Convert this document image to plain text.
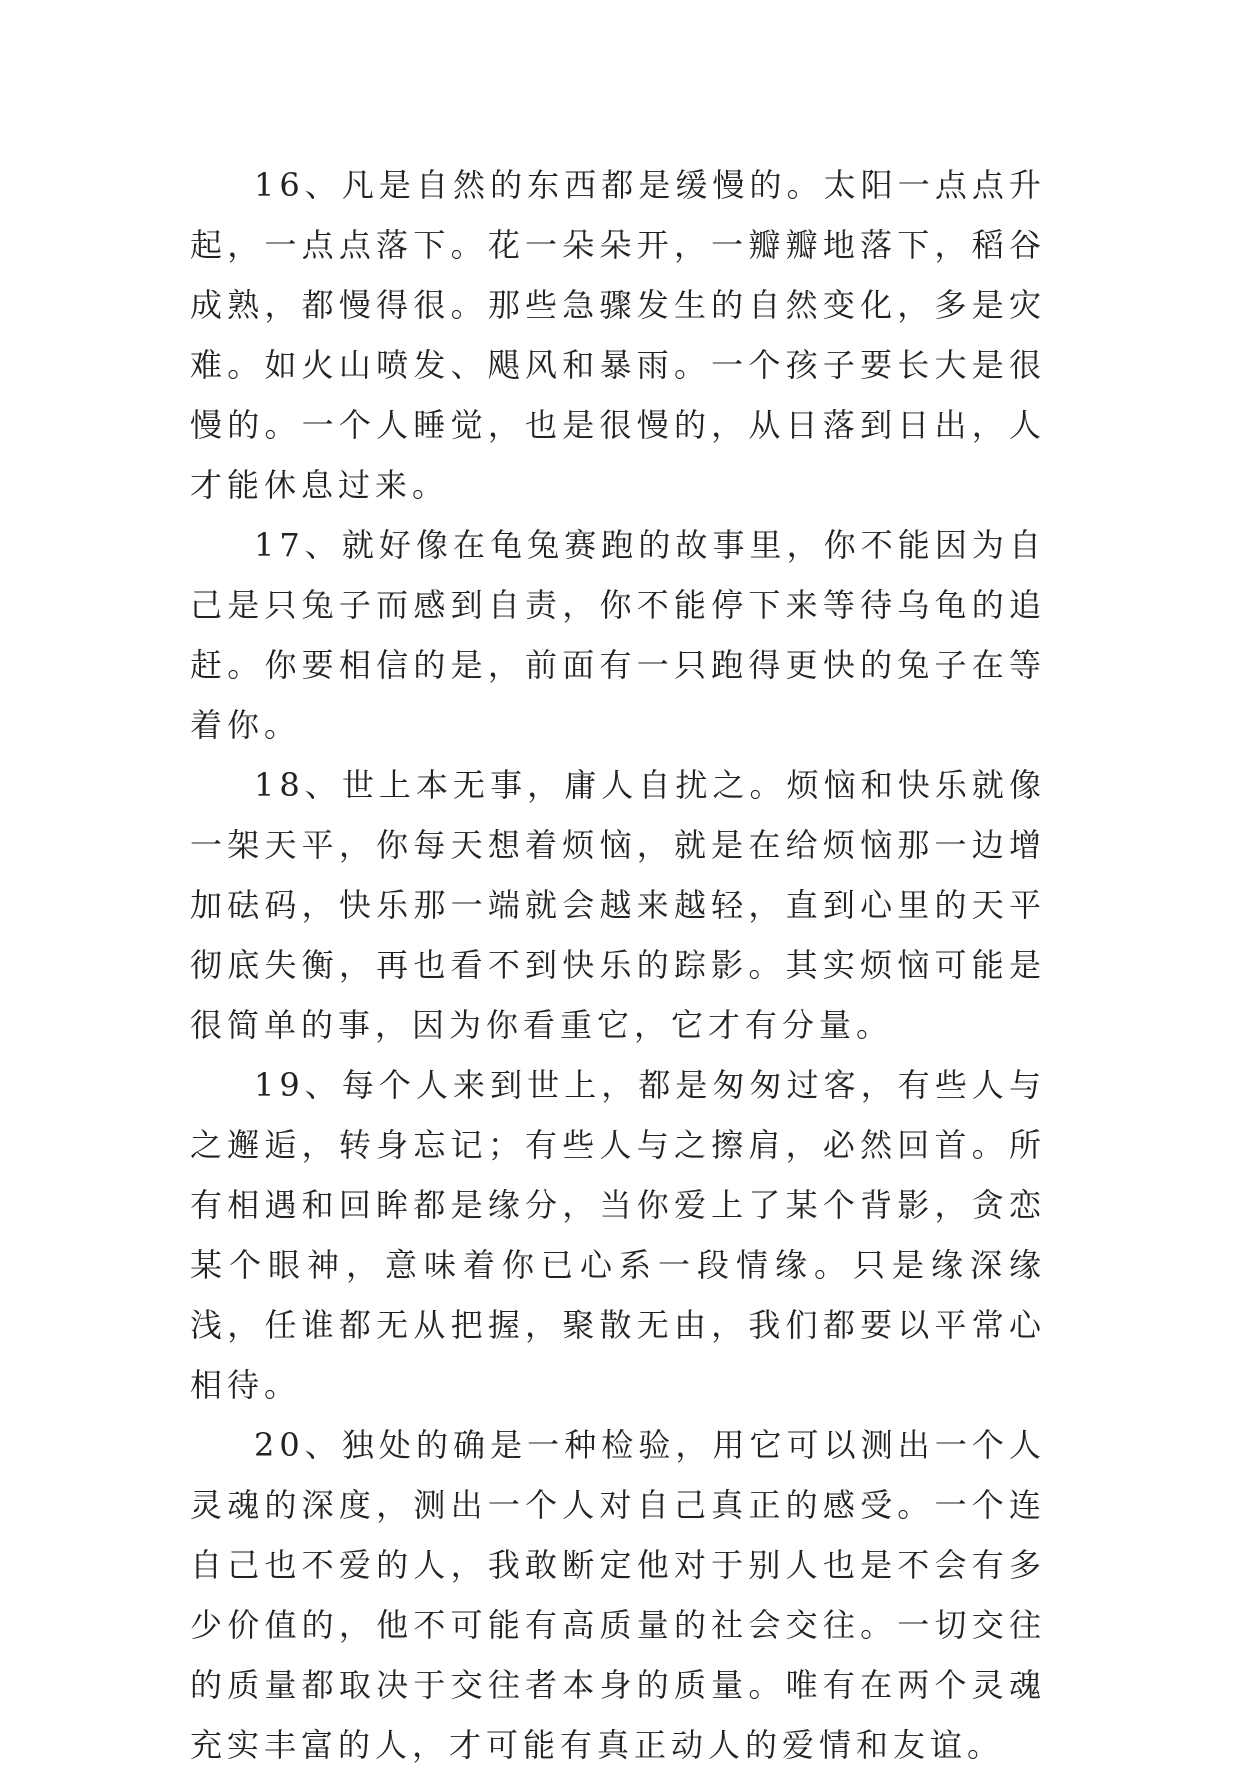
16、凡是自然的东西都是缓慢的。太阳一点点升起，一点点落下。花一朵朵开，一瓣瓣地落下，稻谷成熟，都慢得很。那些急骤发生的自然变化，多是灾难。如火山喷发、飓风和暴雨。一个孩子要长大是很慢的。一个人睡觉，也是很慢的，从日落到日出，人才能休息过来。

17、就好像在龟兔赛跑的故事里，你不能因为自己是只兔子而感到自责，你不能停下来等待乌龟的追赶。你要相信的是，前面有一只跑得更快的兔子在等着你。

18、世上本无事，庸人自扰之。烦恼和快乐就像一架天平，你每天想着烦恼，就是在给烦恼那一边增加砝码，快乐那一端就会越来越轻，直到心里的天平彻底失衡，再也看不到快乐的踪影。其实烦恼可能是很简单的事，因为你看重它，它才有分量。

19、每个人来到世上，都是匆匆过客，有些人与之邂逅，转身忘记；有些人与之擦肩，必然回首。所有相遇和回眸都是缘分，当你爱上了某个背影，贪恋某个眼神，意味着你已心系一段情缘。只是缘深缘浅，任谁都无从把握，聚散无由，我们都要以平常心相待。

20、独处的确是一种检验，用它可以测出一个人灵魂的深度，测出一个人对自己真正的感受。一个连自己也不爱的人，我敢断定他对于别人也是不会有多少价值的，他不可能有高质量的社会交往。一切交往的质量都取决于交往者本身的质量。唯有在两个灵魂充实丰富的人，才可能有真正动人的爱情和友谊。
